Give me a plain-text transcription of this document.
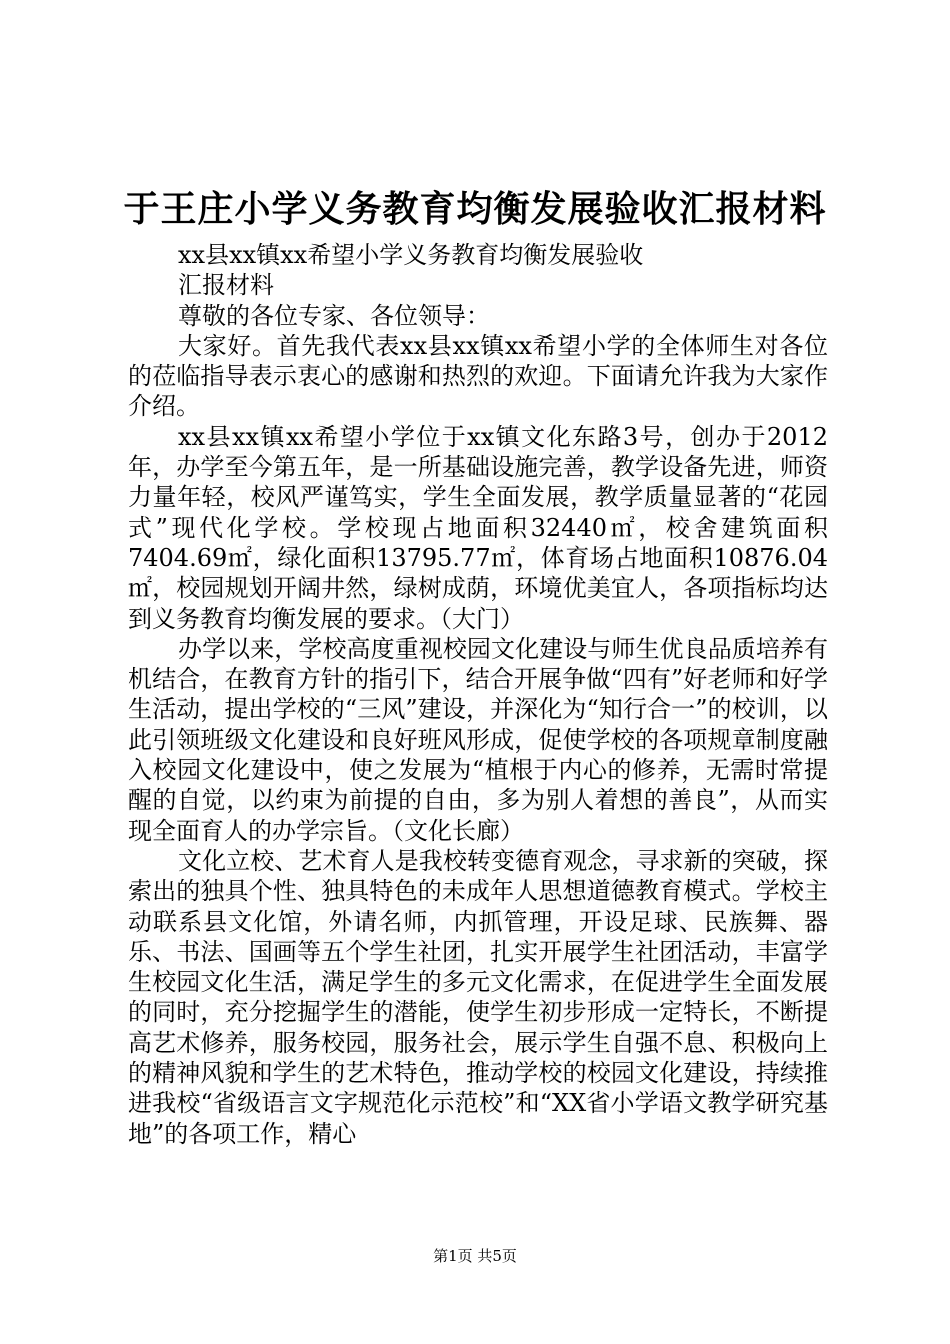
于王庄小学义务教育均衡发展验收汇报材料

xx县xx镇xx希望小学义务教育均衡发展验收

汇报材料

尊敬的各位专家、各位领导：

大家好。首先我代表xx县xx镇xx希望小学的全体师生对各位的莅临指导表示衷心的感谢和热烈的欢迎。下面请允许我为大家作介绍。

xx县xx镇xx希望小学位于xx镇文化东路3号，创办于2012年，办学至今第五年，是一所基础设施完善，教学设备先进，师资力量年轻，校风严谨笃实，学生全面发展，教学质量显著的“花园式”现代化学校。学校现占地面积32440㎡，校舍建筑面积7404.69㎡，绿化面积13795.77㎡，体育场占地面积10876.04㎡，校园规划开阔井然，绿树成荫，环境优美宜人，各项指标均达到义务教育均衡发展的要求。（大门）

办学以来，学校高度重视校园文化建设与师生优良品质培养有机结合，在教育方针的指引下，结合开展争做“四有”好老师和好学生活动，提出学校的“三风”建设，并深化为“知行合一”的校训，以此引领班级文化建设和良好班风形成，促使学校的各项规章制度融入校园文化建设中，使之发展为“植根于内心的修养，无需时常提醒的自觉，以约束为前提的自由，多为别人着想的善良”，从而实现全面育人的办学宗旨。（文化长廊）

文化立校、艺术育人是我校转变德育观念，寻求新的突破，探索出的独具个性、独具特色的未成年人思想道德教育模式。学校主动联系县文化馆，外请名师，内抓管理，开设足球、民族舞、器乐、书法、国画等五个学生社团，扎实开展学生社团活动，丰富学生校园文化生活，满足学生的多元文化需求，在促进学生全面发展的同时，充分挖掘学生的潜能，使学生初步形成一定特长，不断提高艺术修养，服务校园，服务社会，展示学生自强不息、积极向上的精神风貌和学生的艺术特色，推动学校的校园文化建设，持续推进我校“省级语言文字规范化示范校”和“XX省小学语文教学研究基地”的各项工作，精心

第1页 共5页
